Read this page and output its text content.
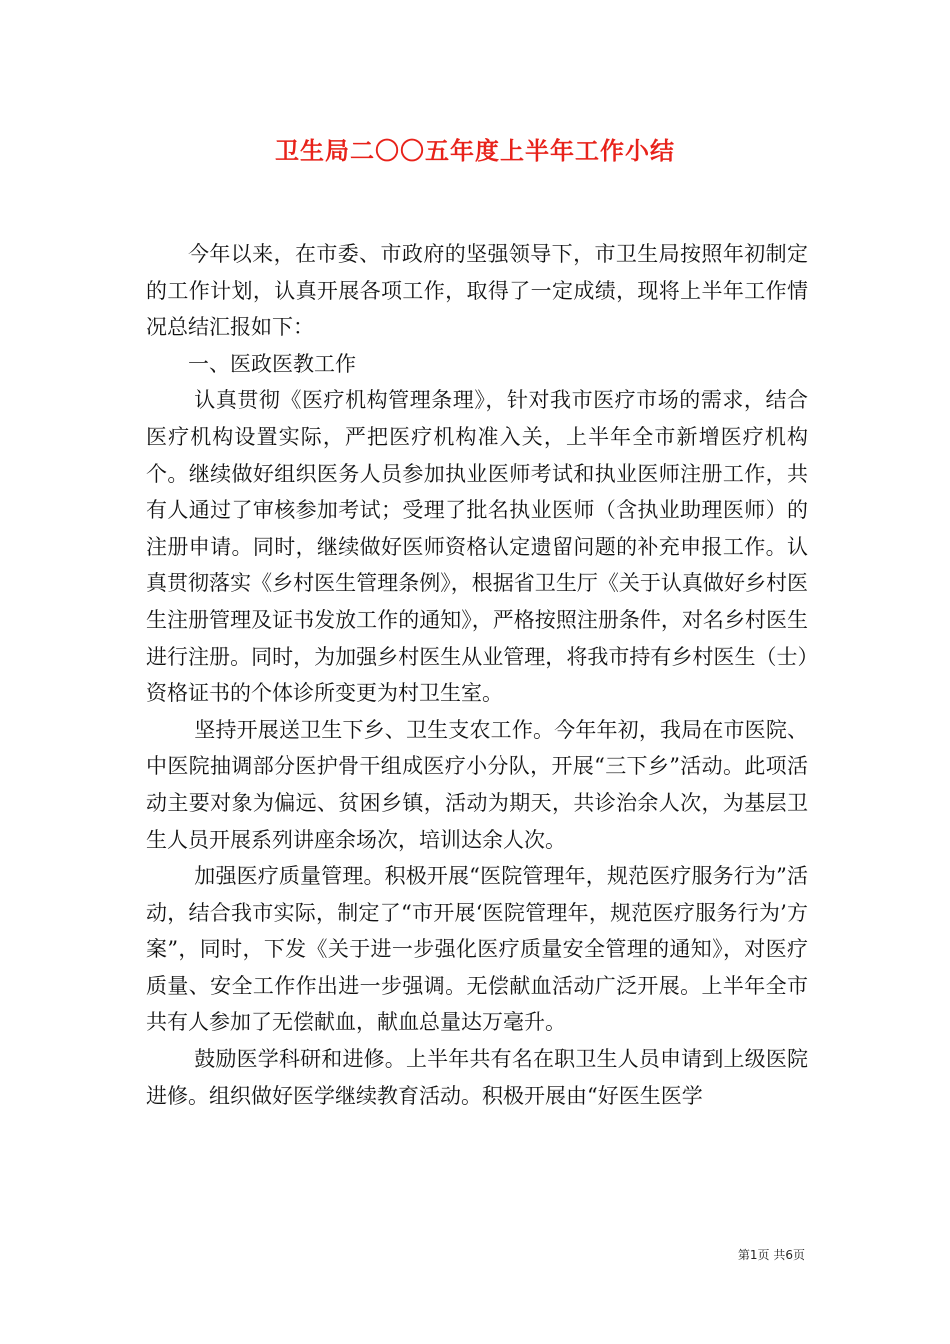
卫生局二〇〇五年度上半年工作小结

今年以来，在市委、市政府的坚强领导下，市卫生局按照年初制定的工作计划，认真开展各项工作，取得了一定成绩，现将上半年工作情况总结汇报如下：

一、医政医教工作

认真贯彻《医疗机构管理条理》，针对我市医疗市场的需求，结合医疗机构设置实际，严把医疗机构准入关，上半年全市新增医疗机构个。继续做好组织医务人员参加执业医师考试和执业医师注册工作，共有人通过了审核参加考试；受理了批名执业医师（含执业助理医师）的注册申请。同时，继续做好医师资格认定遗留问题的补充申报工作。认真贯彻落实《乡村医生管理条例》，根据省卫生厅《关于认真做好乡村医生注册管理及证书发放工作的通知》，严格按照注册条件，对名乡村医生进行注册。同时，为加强乡村医生从业管理，将我市持有乡村医生（士）资格证书的个体诊所变更为村卫生室。

坚持开展送卫生下乡、卫生支农工作。今年年初，我局在市医院、中医院抽调部分医护骨干组成医疗小分队，开展“三下乡”活动。此项活动主要对象为偏远、贫困乡镇，活动为期天，共诊治余人次，为基层卫生人员开展系列讲座余场次，培训达余人次。

加强医疗质量管理。积极开展“医院管理年，规范医疗服务行为”活动，结合我市实际，制定了“市开展‘医院管理年，规范医疗服务行为’方案”，同时，下发《关于进一步强化医疗质量安全管理的通知》，对医疗质量、安全工作作出进一步强调。无偿献血活动广泛开展。上半年全市共有人参加了无偿献血，献血总量达万毫升。

鼓励医学科研和进修。上半年共有名在职卫生人员申请到上级医院进修。组织做好医学继续教育活动。积极开展由“好医生医学

第1页 共6页
